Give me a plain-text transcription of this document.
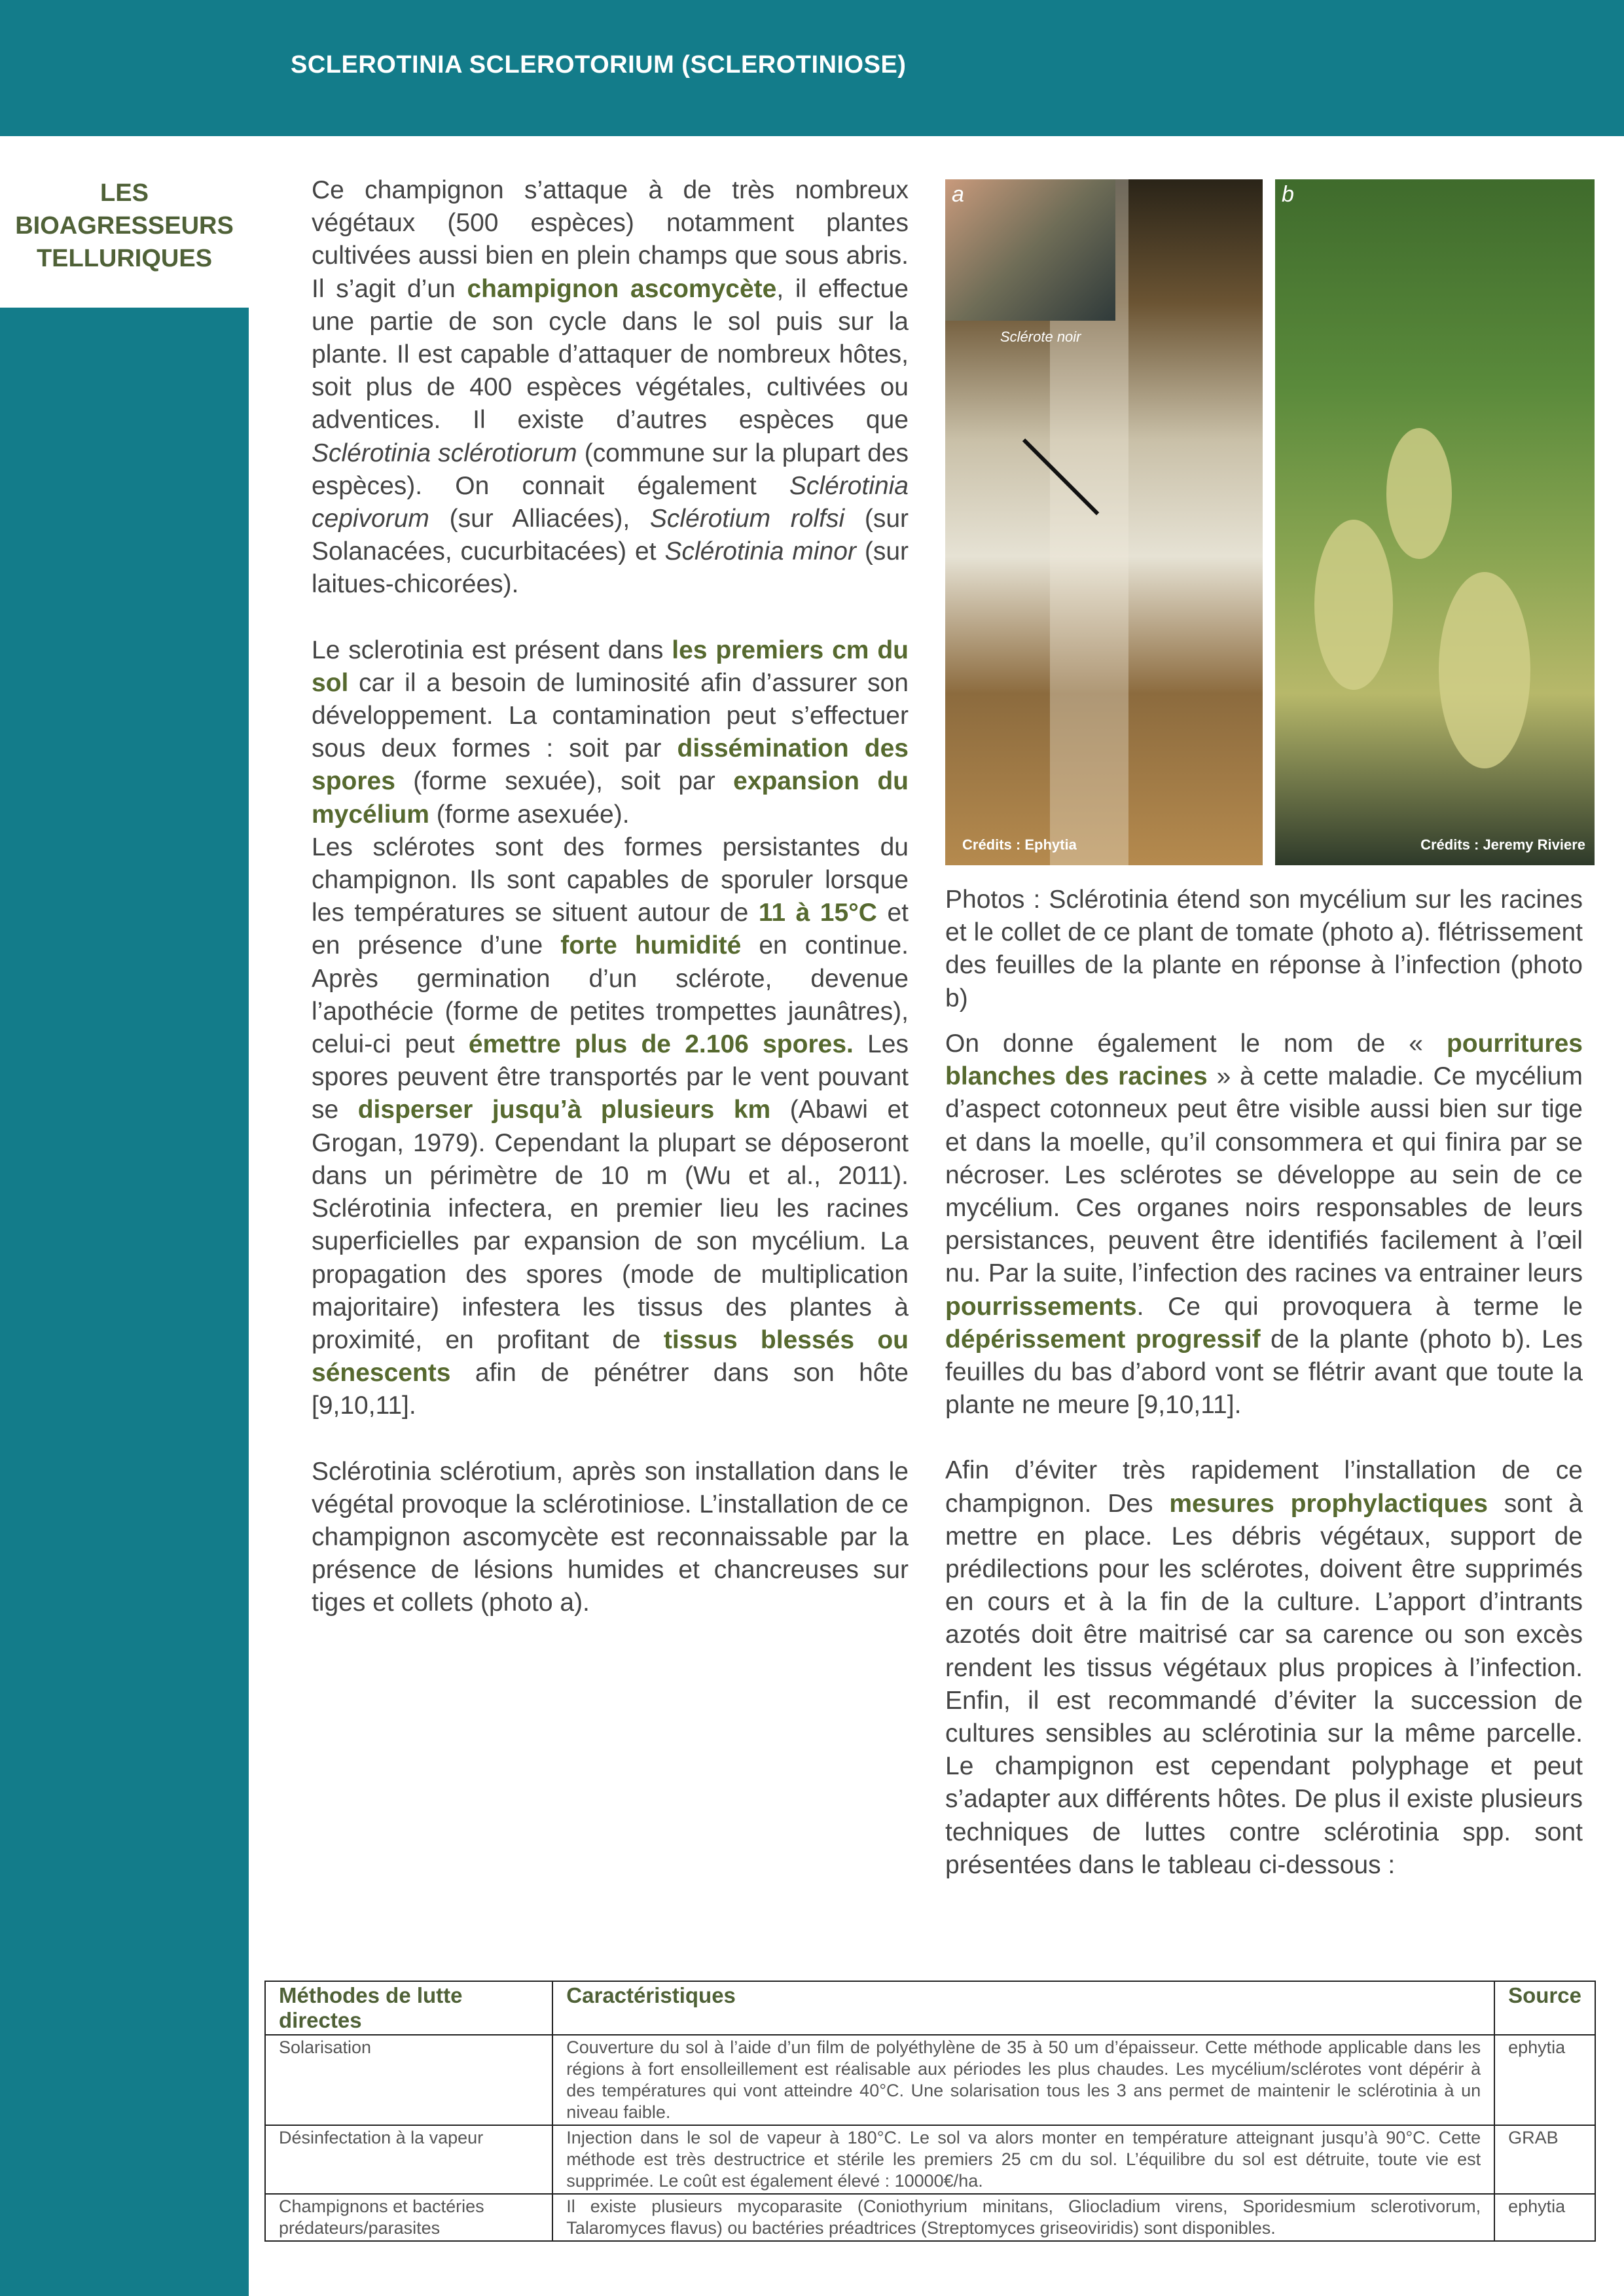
SCLEROTINIA SCLEROTORIUM (SCLEROTINIOSE)
LES
BIOAGRESSEURS
TELLURIQUES

Ce champignon s’attaque à de très nombreux végétaux (500 espèces) notamment plantes cultivées aussi bien en plein champs que sous abris. Il s’agit d’un champignon ascomycète, il effectue une partie de son cycle dans le sol puis sur la plante. Il est capable d’attaquer de nombreux hôtes, soit plus de 400 espèces végétales, cultivées ou adventices. Il existe d’autres espèces que Sclérotinia sclérotiorum (commune sur la plupart des espèces). On connait également Sclérotinia cepivorum (sur Alliacées), Sclérotium rolfsi (sur Solanacées, cucurbitacées) et Sclérotinia minor (sur laitues-chicorées).

Le sclerotinia est présent dans les premiers cm du sol car il a besoin de luminosité afin d’assurer son développement. La contamination peut s’effectuer sous deux formes : soit par dissémination des spores (forme sexuée), soit par expansion du mycélium (forme asexuée).

Les sclérotes sont des formes persistantes du champignon. Ils sont capables de sporuler lorsque les températures se situent autour de 11 à 15°C et en présence d’une forte humidité en continue. Après germination d’un sclérote, devenue l’apothécie (forme de petites trompettes jaunâtres), celui-ci peut émettre plus de 2.106 spores. Les spores peuvent être transportés par le vent pouvant se disperser jusqu’à plusieurs km (Abawi et Grogan, 1979). Cependant la plupart se déposeront dans un périmètre de 10 m (Wu et al., 2011). Sclérotinia infectera, en premier lieu les racines superficielles par expansion de son mycélium. La propagation des spores (mode de multiplication majoritaire) infestera les tissus des plantes à proximité, en profitant de tissus blessés ou sénescents afin de pénétrer dans son hôte [9,10,11].

Sclérotinia sclérotium, après son installation dans le végétal provoque la sclérotiniose. L’installation de ce champignon ascomycète est reconnaissable par la présence de lésions humides et chancreuses sur tiges et collets (photo a).

a
Sclérote noir
Crédits : Ephytia
b
Crédits : Jeremy Riviere
Photos : Sclérotinia étend son mycélium sur les racines et le collet de ce plant de tomate (photo a). flétrissement des feuilles de la plante en réponse à l’infection (photo b)

On donne également le nom de « pourritures blanches des racines » à cette maladie. Ce mycélium d’aspect cotonneux peut être visible aussi bien sur tige et dans la moelle, qu’il consommera et qui finira par se nécroser. Les sclérotes se développe au sein de ce mycélium. Ces organes noirs responsables de leurs persistances, peuvent être identifiés facilement à l’œil nu. Par la suite, l’infection des racines va entrainer leurs pourrissements. Ce qui provoquera à terme le dépérissement progressif de la plante (photo b). Les feuilles du bas d’abord vont se flétrir avant que toute la plante ne meure [9,10,11].

Afin d’éviter très rapidement l’installation de ce champignon. Des mesures prophylactiques sont à mettre en place. Les débris végétaux, support de prédilections pour les sclérotes, doivent être supprimés en cours et à la fin de la culture. L’apport d’intrants azotés doit être maitrisé car sa carence ou son excès rendent les tissus végétaux plus propices à l’infection. Enfin, il est recommandé d’éviter la succession de cultures sensibles au sclérotinia sur la même parcelle. Le champignon est cependant polyphage et peut s’adapter aux différents hôtes. De plus il existe plusieurs techniques de luttes contre sclérotinia spp. sont présentées dans le tableau ci-dessous :

Méthodes de lutte directes	Caractéristiques	Source
Solarisation	Couverture du sol à l’aide d’un film de polyéthylène de 35 à 50 um d’épaisseur. Cette méthode applicable dans les régions à fort ensolleillement est réalisable aux périodes les plus chaudes. Les mycélium/sclérotes vont dépérir à des températures qui vont atteindre 40°C. Une solarisation tous les 3 ans permet de maintenir le sclérotinia à un niveau faible.	ephytia
Désinfectation à la vapeur	Injection dans le sol de vapeur à 180°C. Le sol va alors monter en température atteignant jusqu’à 90°C. Cette méthode est très destructrice et stérile les premiers 25 cm du sol. L’équilibre du sol est détruite, toute vie est supprimée. Le coût est également élevé : 10000€/ha.	GRAB
Champignons et bactéries prédateurs/parasites	Il existe plusieurs mycoparasite (Coniothyrium minitans, Gliocladium virens, Sporidesmium sclerotivorum, Talaromyces flavus) ou bactéries préadtrices (Streptomyces griseoviridis) sont disponibles.	ephytia
